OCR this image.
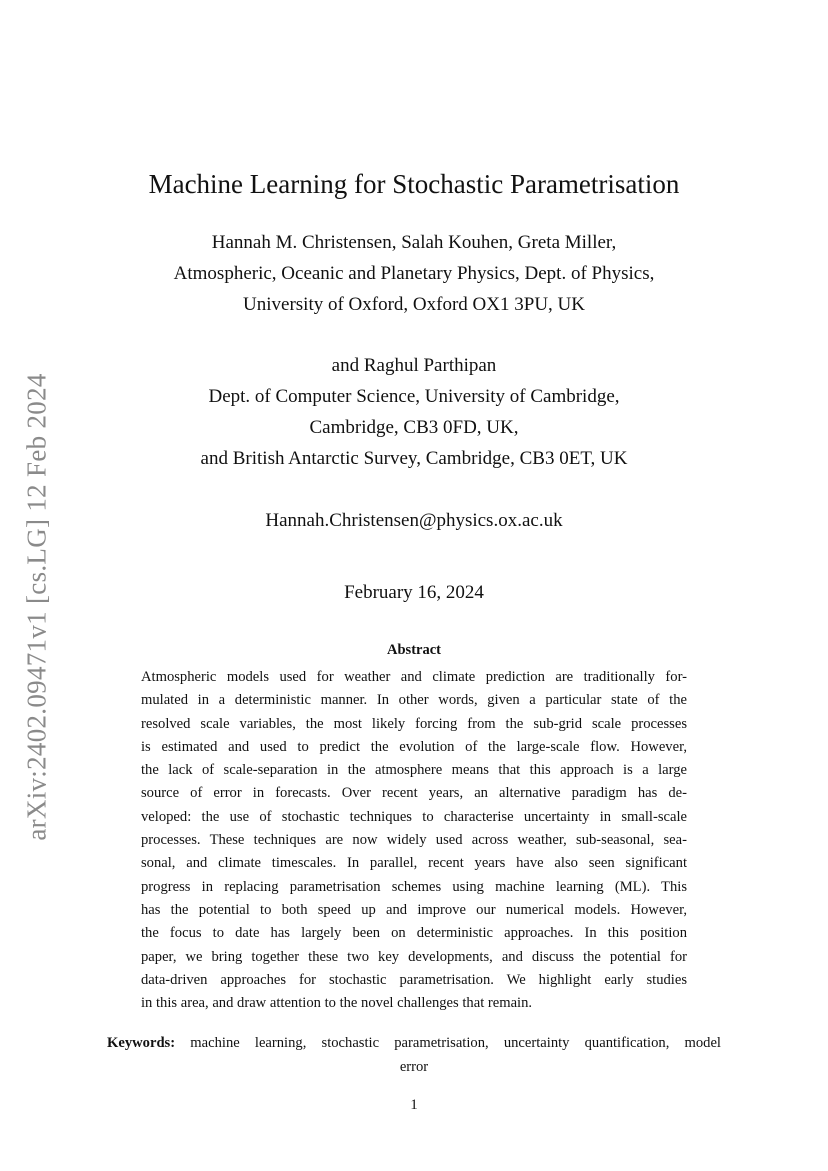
arXiv:2402.09471v1 [cs.LG] 12 Feb 2024
Machine Learning for Stochastic Parametrisation
Hannah M. Christensen, Salah Kouhen, Greta Miller,
Atmospheric, Oceanic and Planetary Physics, Dept. of Physics,
University of Oxford, Oxford OX1 3PU, UK
and Raghul Parthipan
Dept. of Computer Science, University of Cambridge,
Cambridge, CB3 0FD, UK,
and British Antarctic Survey, Cambridge, CB3 0ET, UK
Hannah.Christensen@physics.ox.ac.uk
February 16, 2024
Abstract
Atmospheric models used for weather and climate prediction are traditionally for-
mulated in a deterministic manner. In other words, given a particular state of the
resolved scale variables, the most likely forcing from the sub-grid scale processes
is estimated and used to predict the evolution of the large-scale flow. However,
the lack of scale-separation in the atmosphere means that this approach is a large
source of error in forecasts. Over recent years, an alternative paradigm has de-
veloped: the use of stochastic techniques to characterise uncertainty in small-scale
processes. These techniques are now widely used across weather, sub-seasonal, sea-
sonal, and climate timescales. In parallel, recent years have also seen significant
progress in replacing parametrisation schemes using machine learning (ML). This
has the potential to both speed up and improve our numerical models. However,
the focus to date has largely been on deterministic approaches. In this position
paper, we bring together these two key developments, and discuss the potential for
data-driven approaches for stochastic parametrisation. We highlight early studies
in this area, and draw attention to the novel challenges that remain.
Keywords: machine learning, stochastic parametrisation, uncertainty quantification, model
error
1
